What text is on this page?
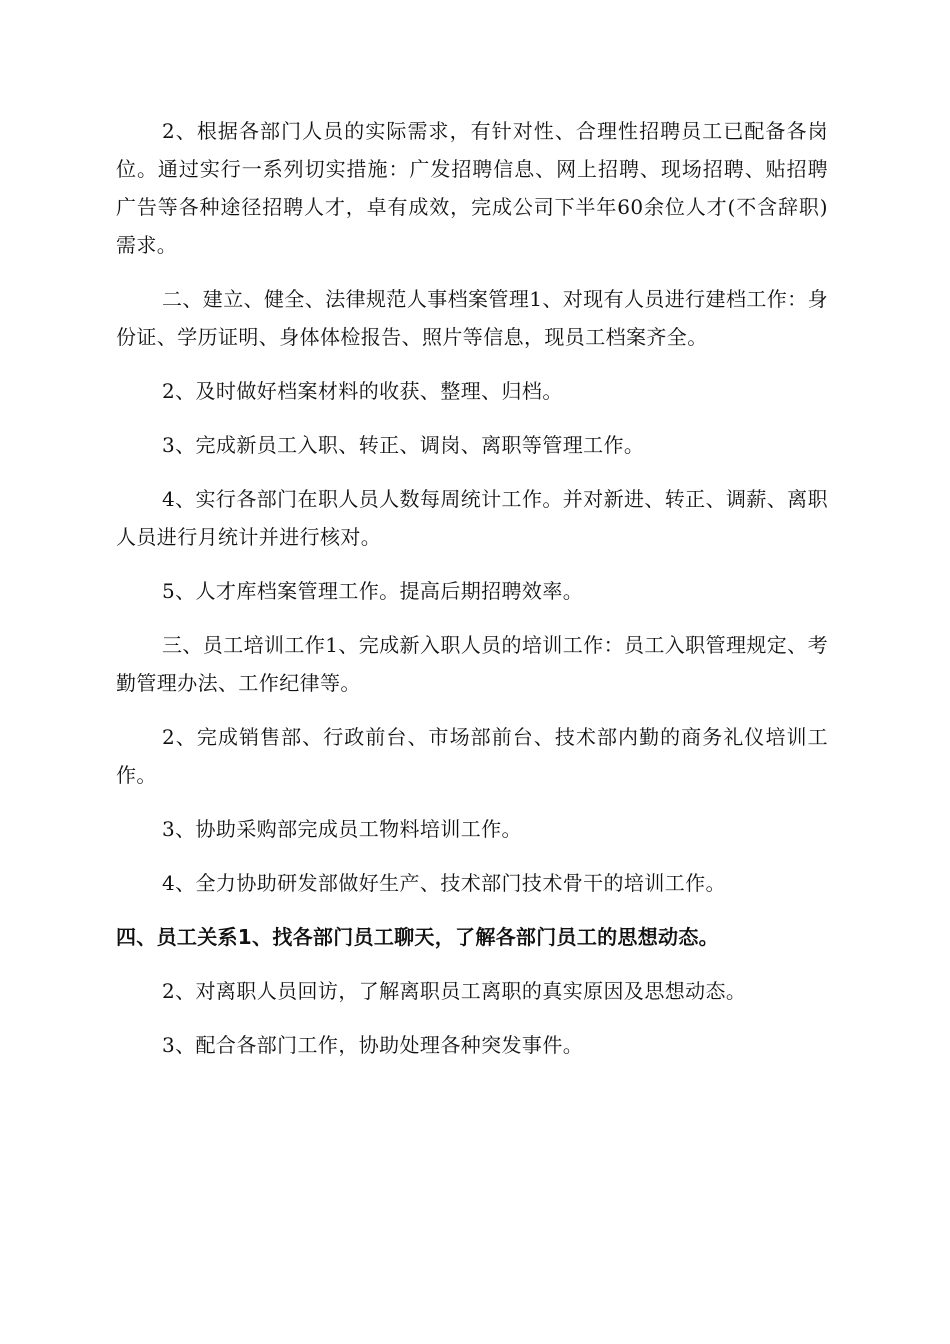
2、根据各部门人员的实际需求，有针对性、合理性招聘员工已配备各岗位。通过实行一系列切实措施：广发招聘信息、网上招聘、现场招聘、贴招聘广告等各种途径招聘人才，卓有成效，完成公司下半年60余位人才(不含辞职)需求。

二、建立、健全、法律规范人事档案管理1、对现有人员进行建档工作：身份证、学历证明、身体体检报告、照片等信息，现员工档案齐全。

2、及时做好档案材料的收获、整理、归档。

3、完成新员工入职、转正、调岗、离职等管理工作。

4、实行各部门在职人员人数每周统计工作。并对新进、转正、调薪、离职人员进行月统计并进行核对。

5、人才库档案管理工作。提高后期招聘效率。

三、员工培训工作1、完成新入职人员的培训工作：员工入职管理规定、考勤管理办法、工作纪律等。

2、完成销售部、行政前台、市场部前台、技术部内勤的商务礼仪培训工作。

3、协助采购部完成员工物料培训工作。

4、全力协助研发部做好生产、技术部门技术骨干的培训工作。

四、员工关系1、找各部门员工聊天，了解各部门员工的思想动态。

2、对离职人员回访，了解离职员工离职的真实原因及思想动态。

3、配合各部门工作，协助处理各种突发事件。
